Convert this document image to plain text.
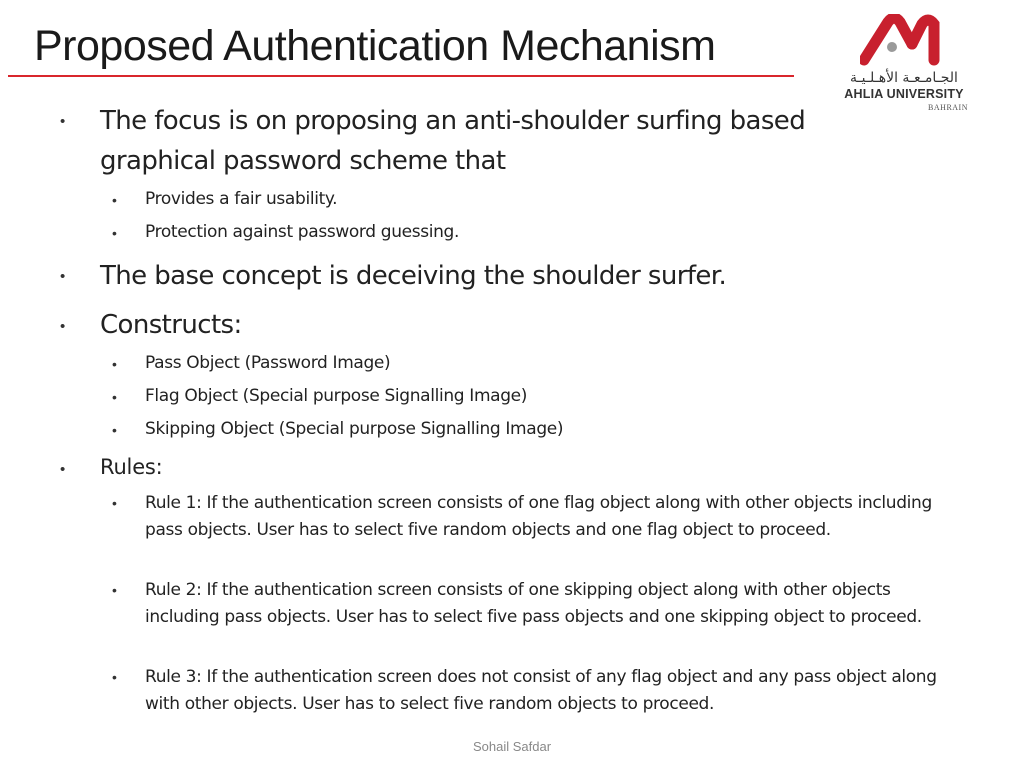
Proposed Authentication Mechanism
الجـامـعـة الأهـلـيـة
AHLIA UNIVERSITY
BAHRAIN
• The focus is on proposing an anti-shoulder surfing based graphical password scheme that
• Provides a fair usability.
• Protection against password guessing.
• The base concept is deceiving the shoulder surfer.
• Constructs:
• Pass Object (Password Image)
• Flag Object (Special purpose Signalling Image)
• Skipping Object (Special purpose Signalling Image)
• Rules:
• Rule 1: If the authentication screen consists of one flag object along with other objects including pass objects. User has to select five random objects and one flag object to proceed.
• Rule 2: If the authentication screen consists of one skipping object along with other objects including pass objects. User has to select five pass objects and one skipping object to proceed.
• Rule 3: If the authentication screen does not consist of any flag object and any pass object along with other objects. User has to select five random objects to proceed.
Sohail Safdar
